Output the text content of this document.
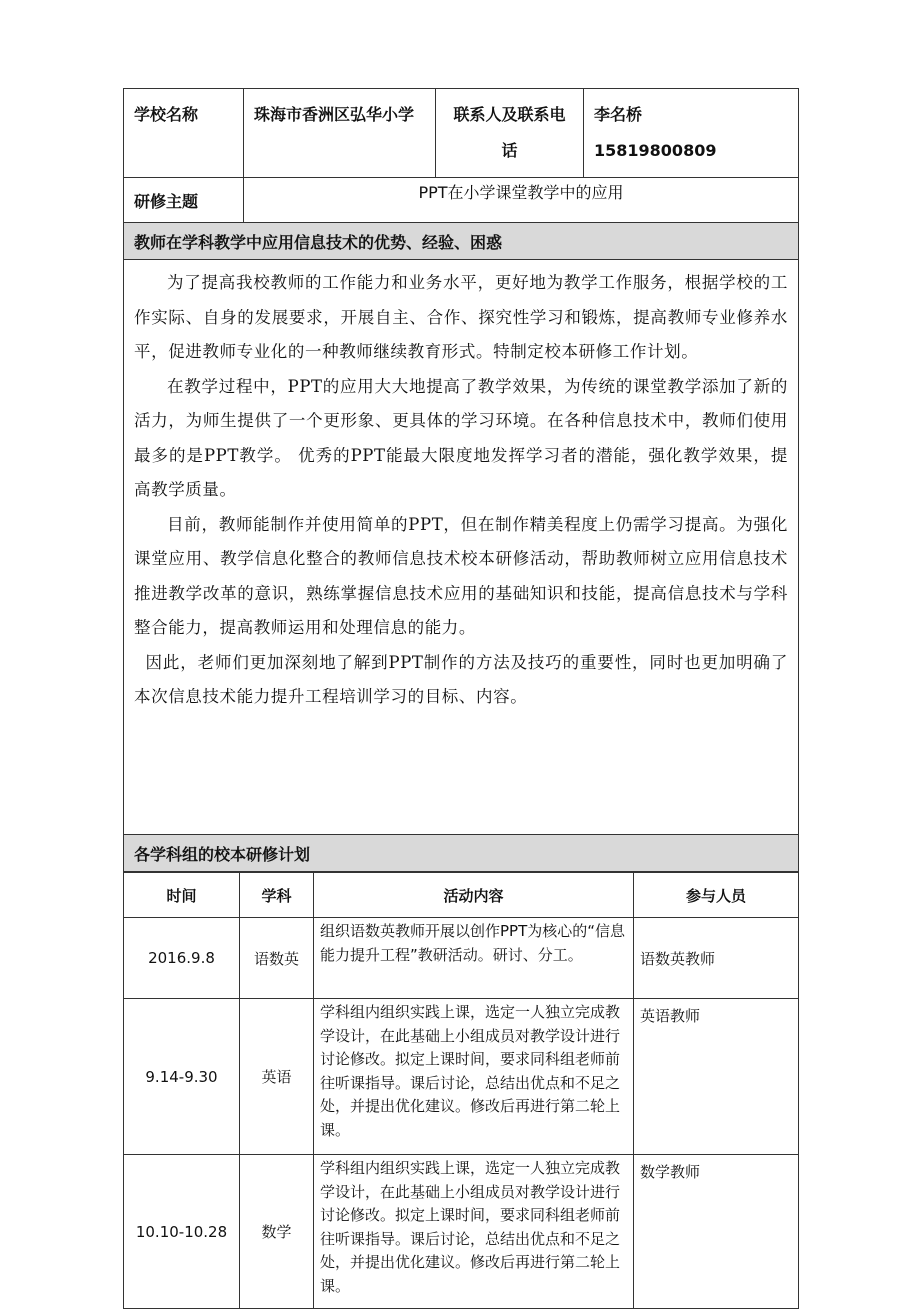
学校名称	珠海市香洲区弘华小学	联系人及联系电话	李名桥
15819800809

研修主题	PPT在小学课堂教学中的应用		
教师在学科教学中应用信息技术的优势、经验、困惑			

为了提高我校教师的工作能力和业务水平，更好地为教学工作服务，根据学校的工作实际、自身的发展要求，开展自主、合作、探究性学习和锻炼，提高教师专业修养水平，促进教师专业化的一种教师继续教育形式。特制定校本研修工作计划。

在教学过程中，PPT的应用大大地提高了教学效果，为传统的课堂教学添加了新的活力，为师生提供了一个更形象、更具体的学习环境。在各种信息技术中，教师们使用最多的是PPT教学。 优秀的PPT能最大限度地发挥学习者的潜能，强化教学效果，提高教学质量。

目前，教师能制作并使用简单的PPT，但在制作精美程度上仍需学习提高。为强化课堂应用、教学信息化整合的教师信息技术校本研修活动，帮助教师树立应用信息技术推进教学改革的意识，熟练掌握信息技术应用的基础知识和技能，提高信息技术与学科整合能力，提高教师运用和处理信息的能力。

因此，老师们更加深刻地了解到PPT制作的方法及技巧的重要性，同时也更加明确了本次信息技术能力提升工程培训学习的目标、内容。			

各学科组的校本研修计划			
时间	学科	活动内容	参与人员
2016.9.8	语数英	组织语数英教师开展以创作PPT为核心的“信息能力提升工程”教研活动。研讨、分工。	语数英教师
9.14-9.30	英语	学科组内组织实践上课，选定一人独立完成教学设计，在此基础上小组成员对教学设计进行讨论修改。拟定上课时间，要求同科组老师前往听课指导。课后讨论，总结出优点和不足之处，并提出优化建议。修改后再进行第二轮上课。	英语教师
10.10-10.28	数学	学科组内组织实践上课，选定一人独立完成教学设计，在此基础上小组成员对教学设计进行讨论修改。拟定上课时间，要求同科组老师前往听课指导。课后讨论，总结出优点和不足之处，并提出优化建议。修改后再进行第二轮上课。	数学教师
